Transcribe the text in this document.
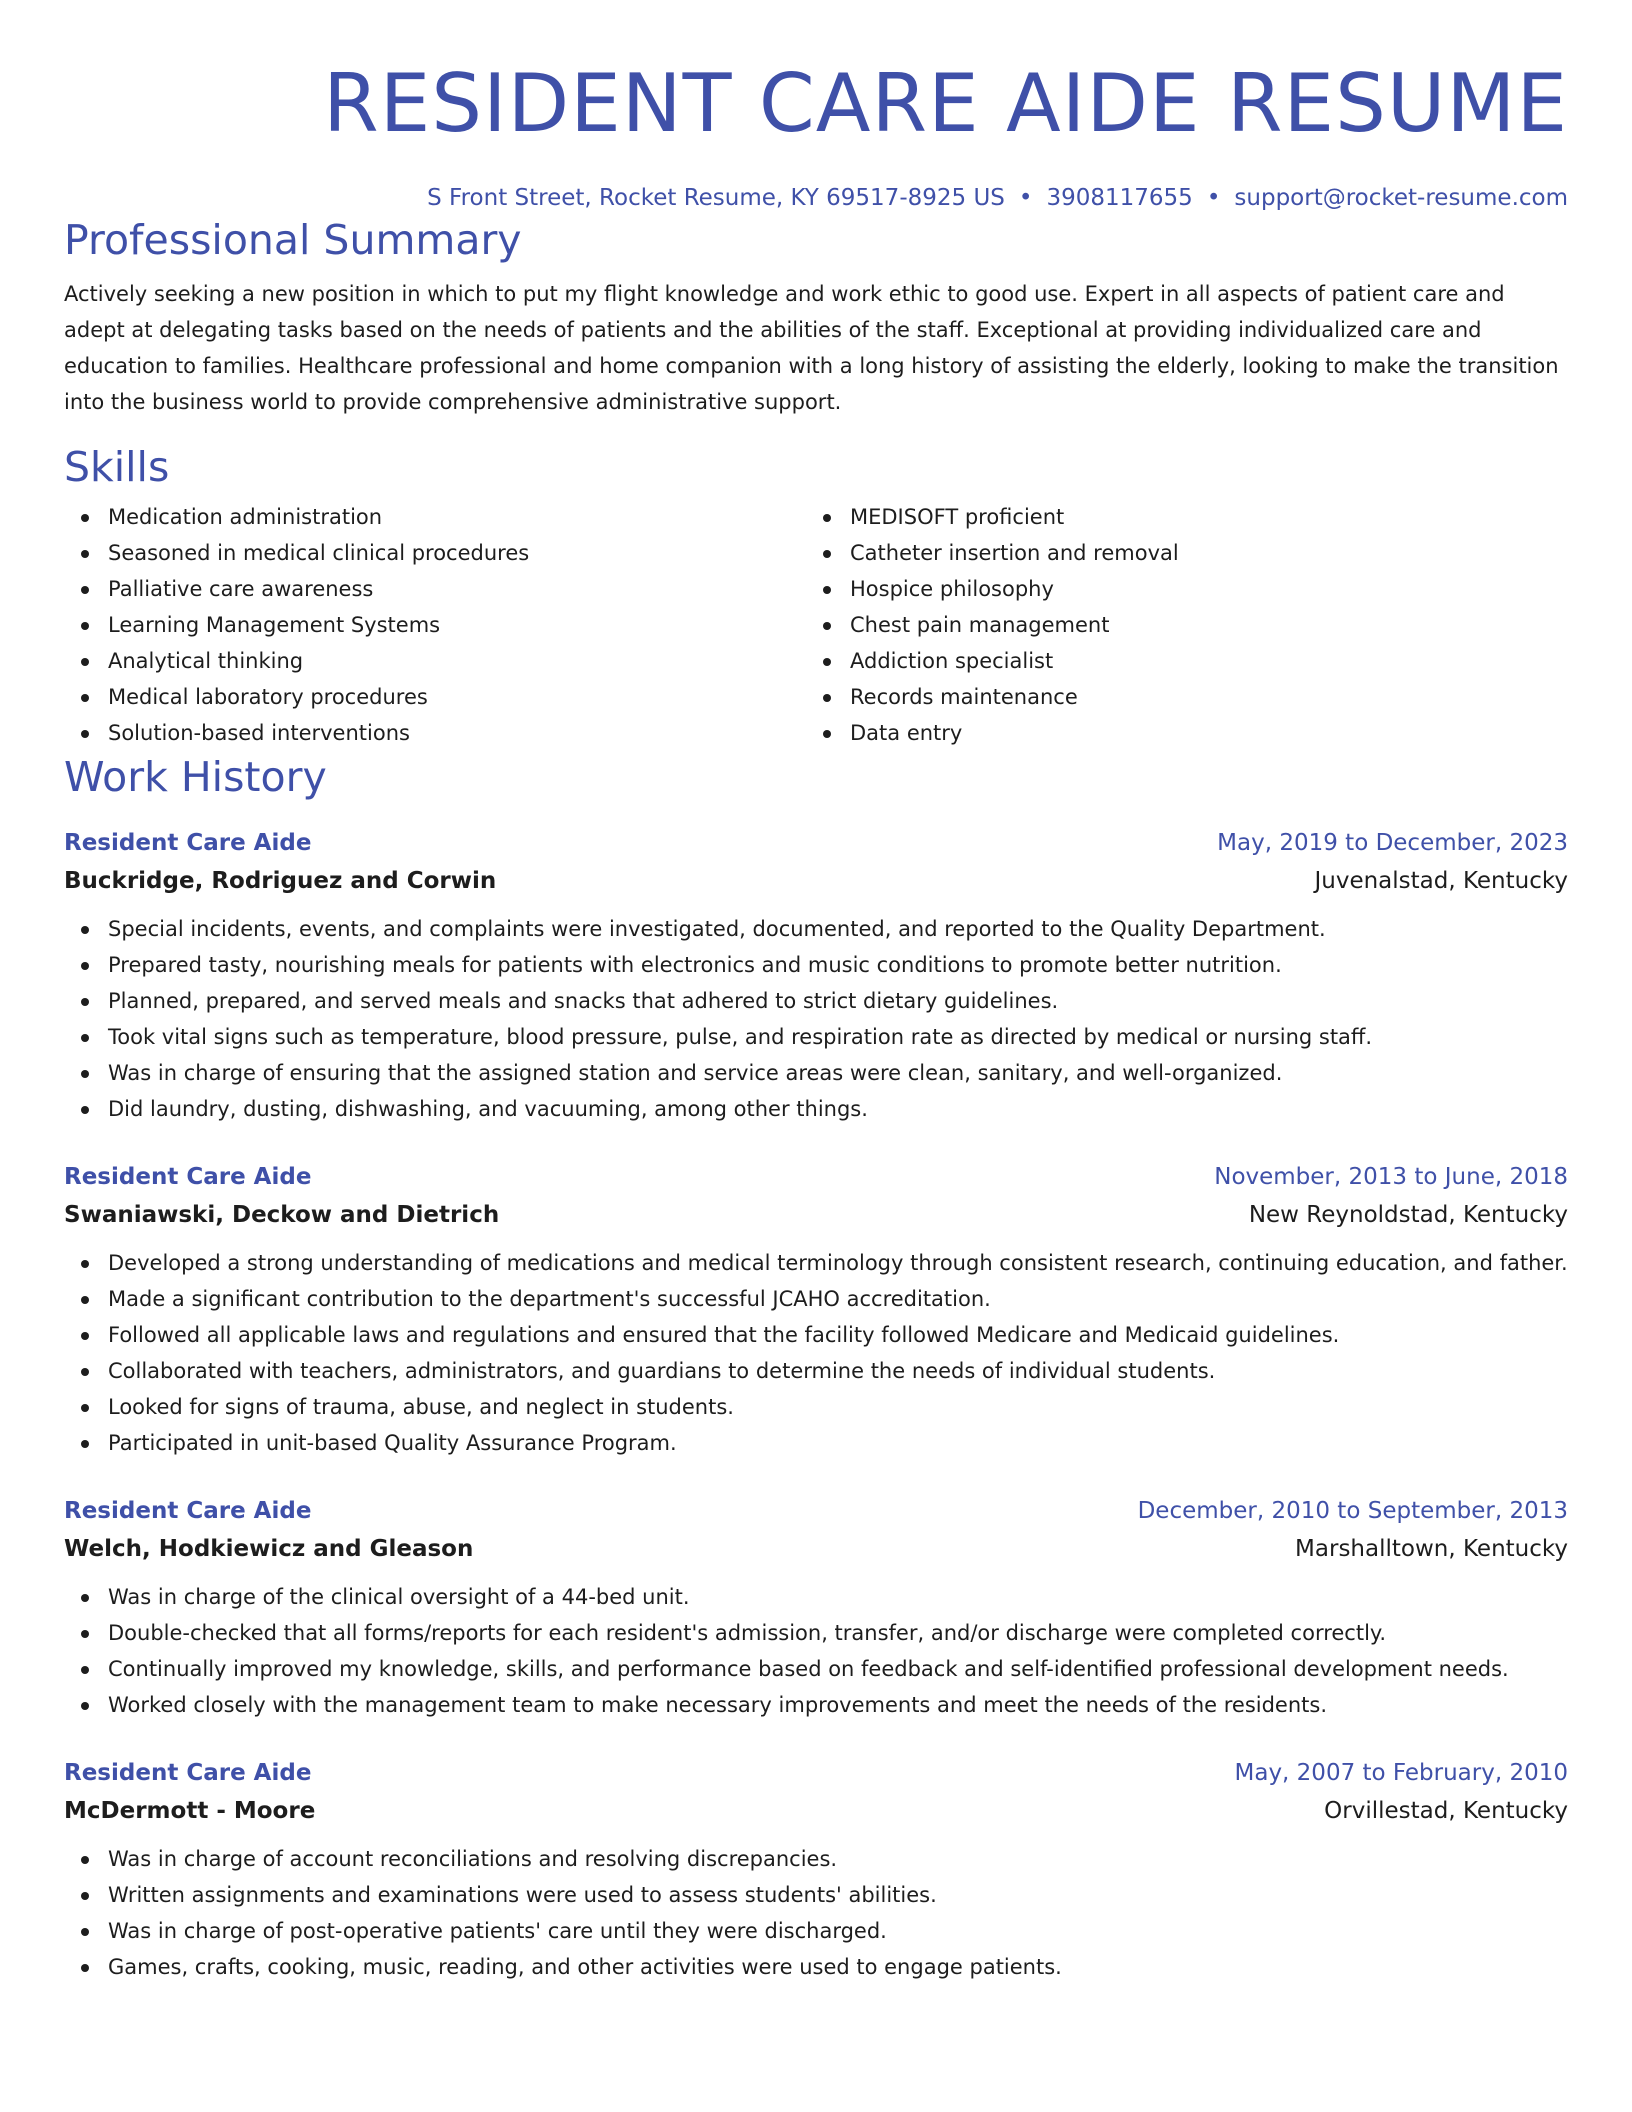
RESIDENT CARE AIDE RESUME
S Front Street, Rocket Resume, KY 69517-8925 US • 3908117655 • support@rocket-resume.com
Professional Summary

Actively seeking a new position in which to put my flight knowledge and work ethic to good use. Expert in all aspects of patient care and adept at delegating tasks based on the needs of patients and the abilities of the staff. Exceptional at providing individualized care and education to families. Healthcare professional and home companion with a long history of assisting the elderly, looking to make the transition into the business world to provide comprehensive administrative support.

Skills
Medication administration
Seasoned in medical clinical procedures
Palliative care awareness
Learning Management Systems
Analytical thinking
Medical laboratory procedures
Solution-based interventions
MEDISOFT proficient
Catheter insertion and removal
Hospice philosophy
Chest pain management
Addiction specialist
Records maintenance
Data entry
Work History
Resident Care Aide	May, 2019 to December, 2023
Buckridge, Rodriguez and Corwin	Juvenalstad, Kentucky
Special incidents, events, and complaints were investigated, documented, and reported to the Quality Department.
Prepared tasty, nourishing meals for patients with electronics and music conditions to promote better nutrition.
Planned, prepared, and served meals and snacks that adhered to strict dietary guidelines.
Took vital signs such as temperature, blood pressure, pulse, and respiration rate as directed by medical or nursing staff.
Was in charge of ensuring that the assigned station and service areas were clean, sanitary, and well-organized.
Did laundry, dusting, dishwashing, and vacuuming, among other things.
Resident Care Aide	November, 2013 to June, 2018
Swaniawski, Deckow and Dietrich	New Reynoldstad, Kentucky
Developed a strong understanding of medications and medical terminology through consistent research, continuing education, and father.
Made a significant contribution to the department's successful JCAHO accreditation.
Followed all applicable laws and regulations and ensured that the facility followed Medicare and Medicaid guidelines.
Collaborated with teachers, administrators, and guardians to determine the needs of individual students.
Looked for signs of trauma, abuse, and neglect in students.
Participated in unit-based Quality Assurance Program.
Resident Care Aide	December, 2010 to September, 2013
Welch, Hodkiewicz and Gleason	Marshalltown, Kentucky
Was in charge of the clinical oversight of a 44-bed unit.
Double-checked that all forms/reports for each resident's admission, transfer, and/or discharge were completed correctly.
Continually improved my knowledge, skills, and performance based on feedback and self-identified professional development needs.
Worked closely with the management team to make necessary improvements and meet the needs of the residents.
Resident Care Aide	May, 2007 to February, 2010
McDermott - Moore	Orvillestad, Kentucky
Was in charge of account reconciliations and resolving discrepancies.
Written assignments and examinations were used to assess students' abilities.
Was in charge of post-operative patients' care until they were discharged.
Games, crafts, cooking, music, reading, and other activities were used to engage patients.
